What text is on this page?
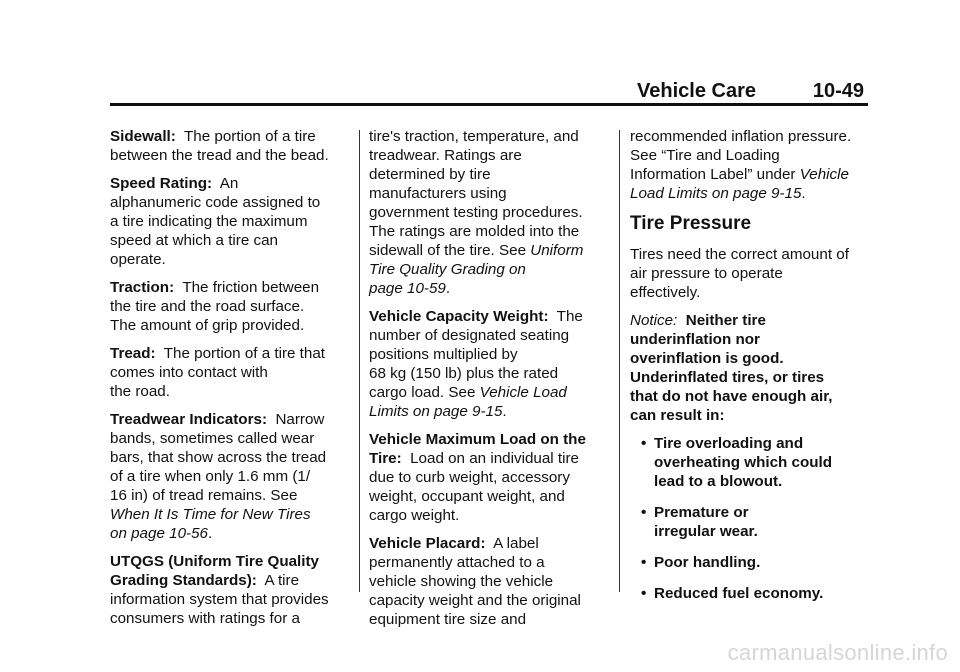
Vehicle Care	10-49

Sidewall: The portion of a tire
between the tread and the bead.

Speed Rating: An
alphanumeric code assigned to
a tire indicating the maximum
speed at which a tire can
operate.

Traction: The friction between
the tire and the road surface.
The amount of grip provided.

Tread: The portion of a tire that
comes into contact with
the road.

Treadwear Indicators: Narrow
bands, sometimes called wear
bars, that show across the tread
of a tire when only 1.6 mm (1/
16 in) of tread remains. See
When It Is Time for New Tires
on page 10-56.

UTQGS (Uniform Tire Quality
Grading Standards): A tire
information system that provides
consumers with ratings for a

tire's traction, temperature, and
treadwear. Ratings are
determined by tire
manufacturers using
government testing procedures.
The ratings are molded into the
sidewall of the tire. See Uniform
Tire Quality Grading on
page 10-59.

Vehicle Capacity Weight: The
number of designated seating
positions multiplied by
68 kg (150 lb) plus the rated
cargo load. See Vehicle Load
Limits on page 9-15.

Vehicle Maximum Load on the
Tire: Load on an individual tire
due to curb weight, accessory
weight, occupant weight, and
cargo weight.

Vehicle Placard: A label
permanently attached to a
vehicle showing the vehicle
capacity weight and the original
equipment tire size and

recommended inflation pressure.
See “Tire and Loading
Information Label” under Vehicle
Load Limits on page 9-15.

Tire Pressure

Tires need the correct amount of
air pressure to operate
effectively.

Notice: Neither tire
underinflation nor
overinflation is good.
Underinflated tires, or tires
that do not have enough air,
can result in:

• Tire overloading and
overheating which could
lead to a blowout.
• Premature or
irregular wear.
• Poor handling.
• Reduced fuel economy.
carmanualsonline.info
